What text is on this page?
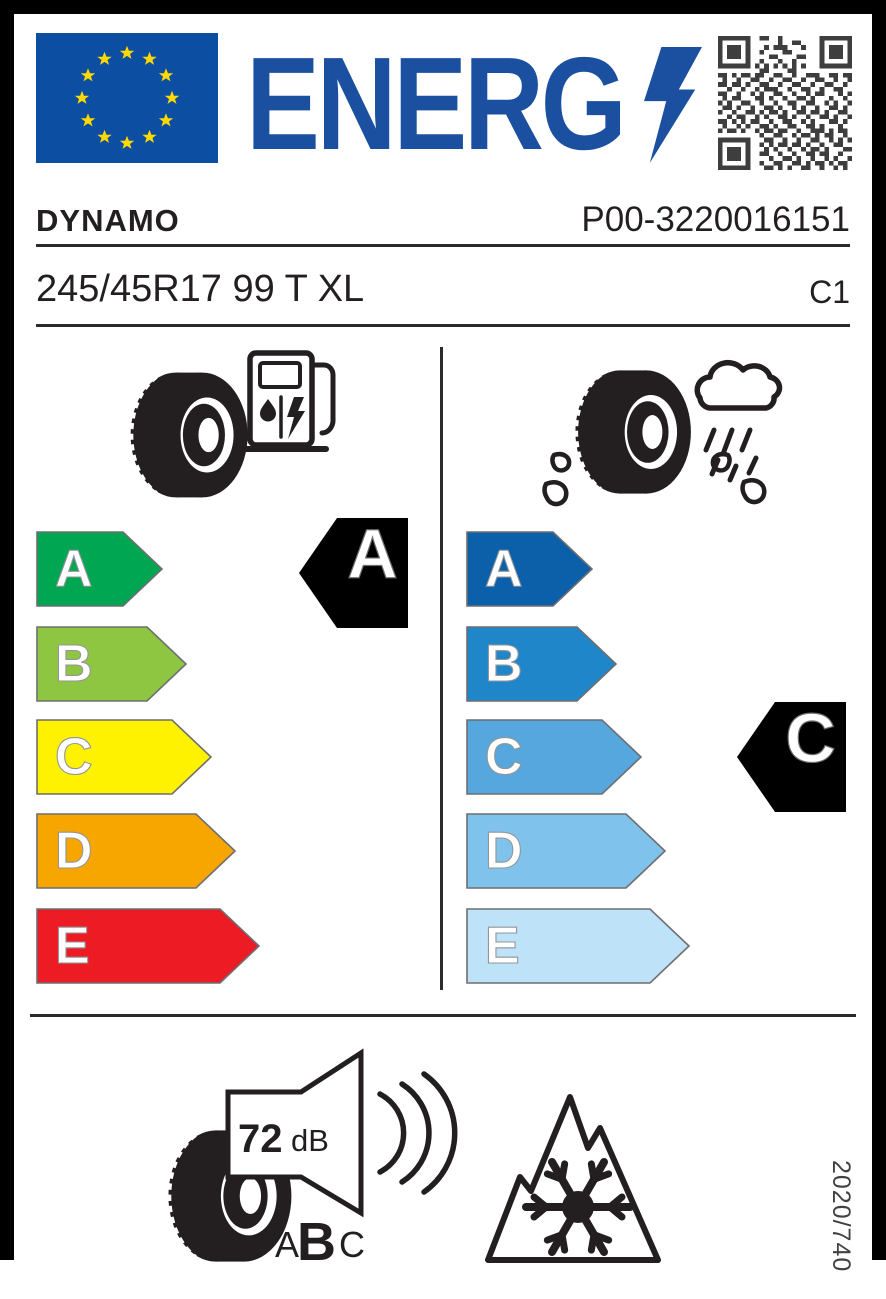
ENERG
DYNAMO	P00-3220016151
245/45R17 99 T XL	C1
A
B
C
D
E
A A
B
C
D
E
C
72 dB
A
B C	2020/740
